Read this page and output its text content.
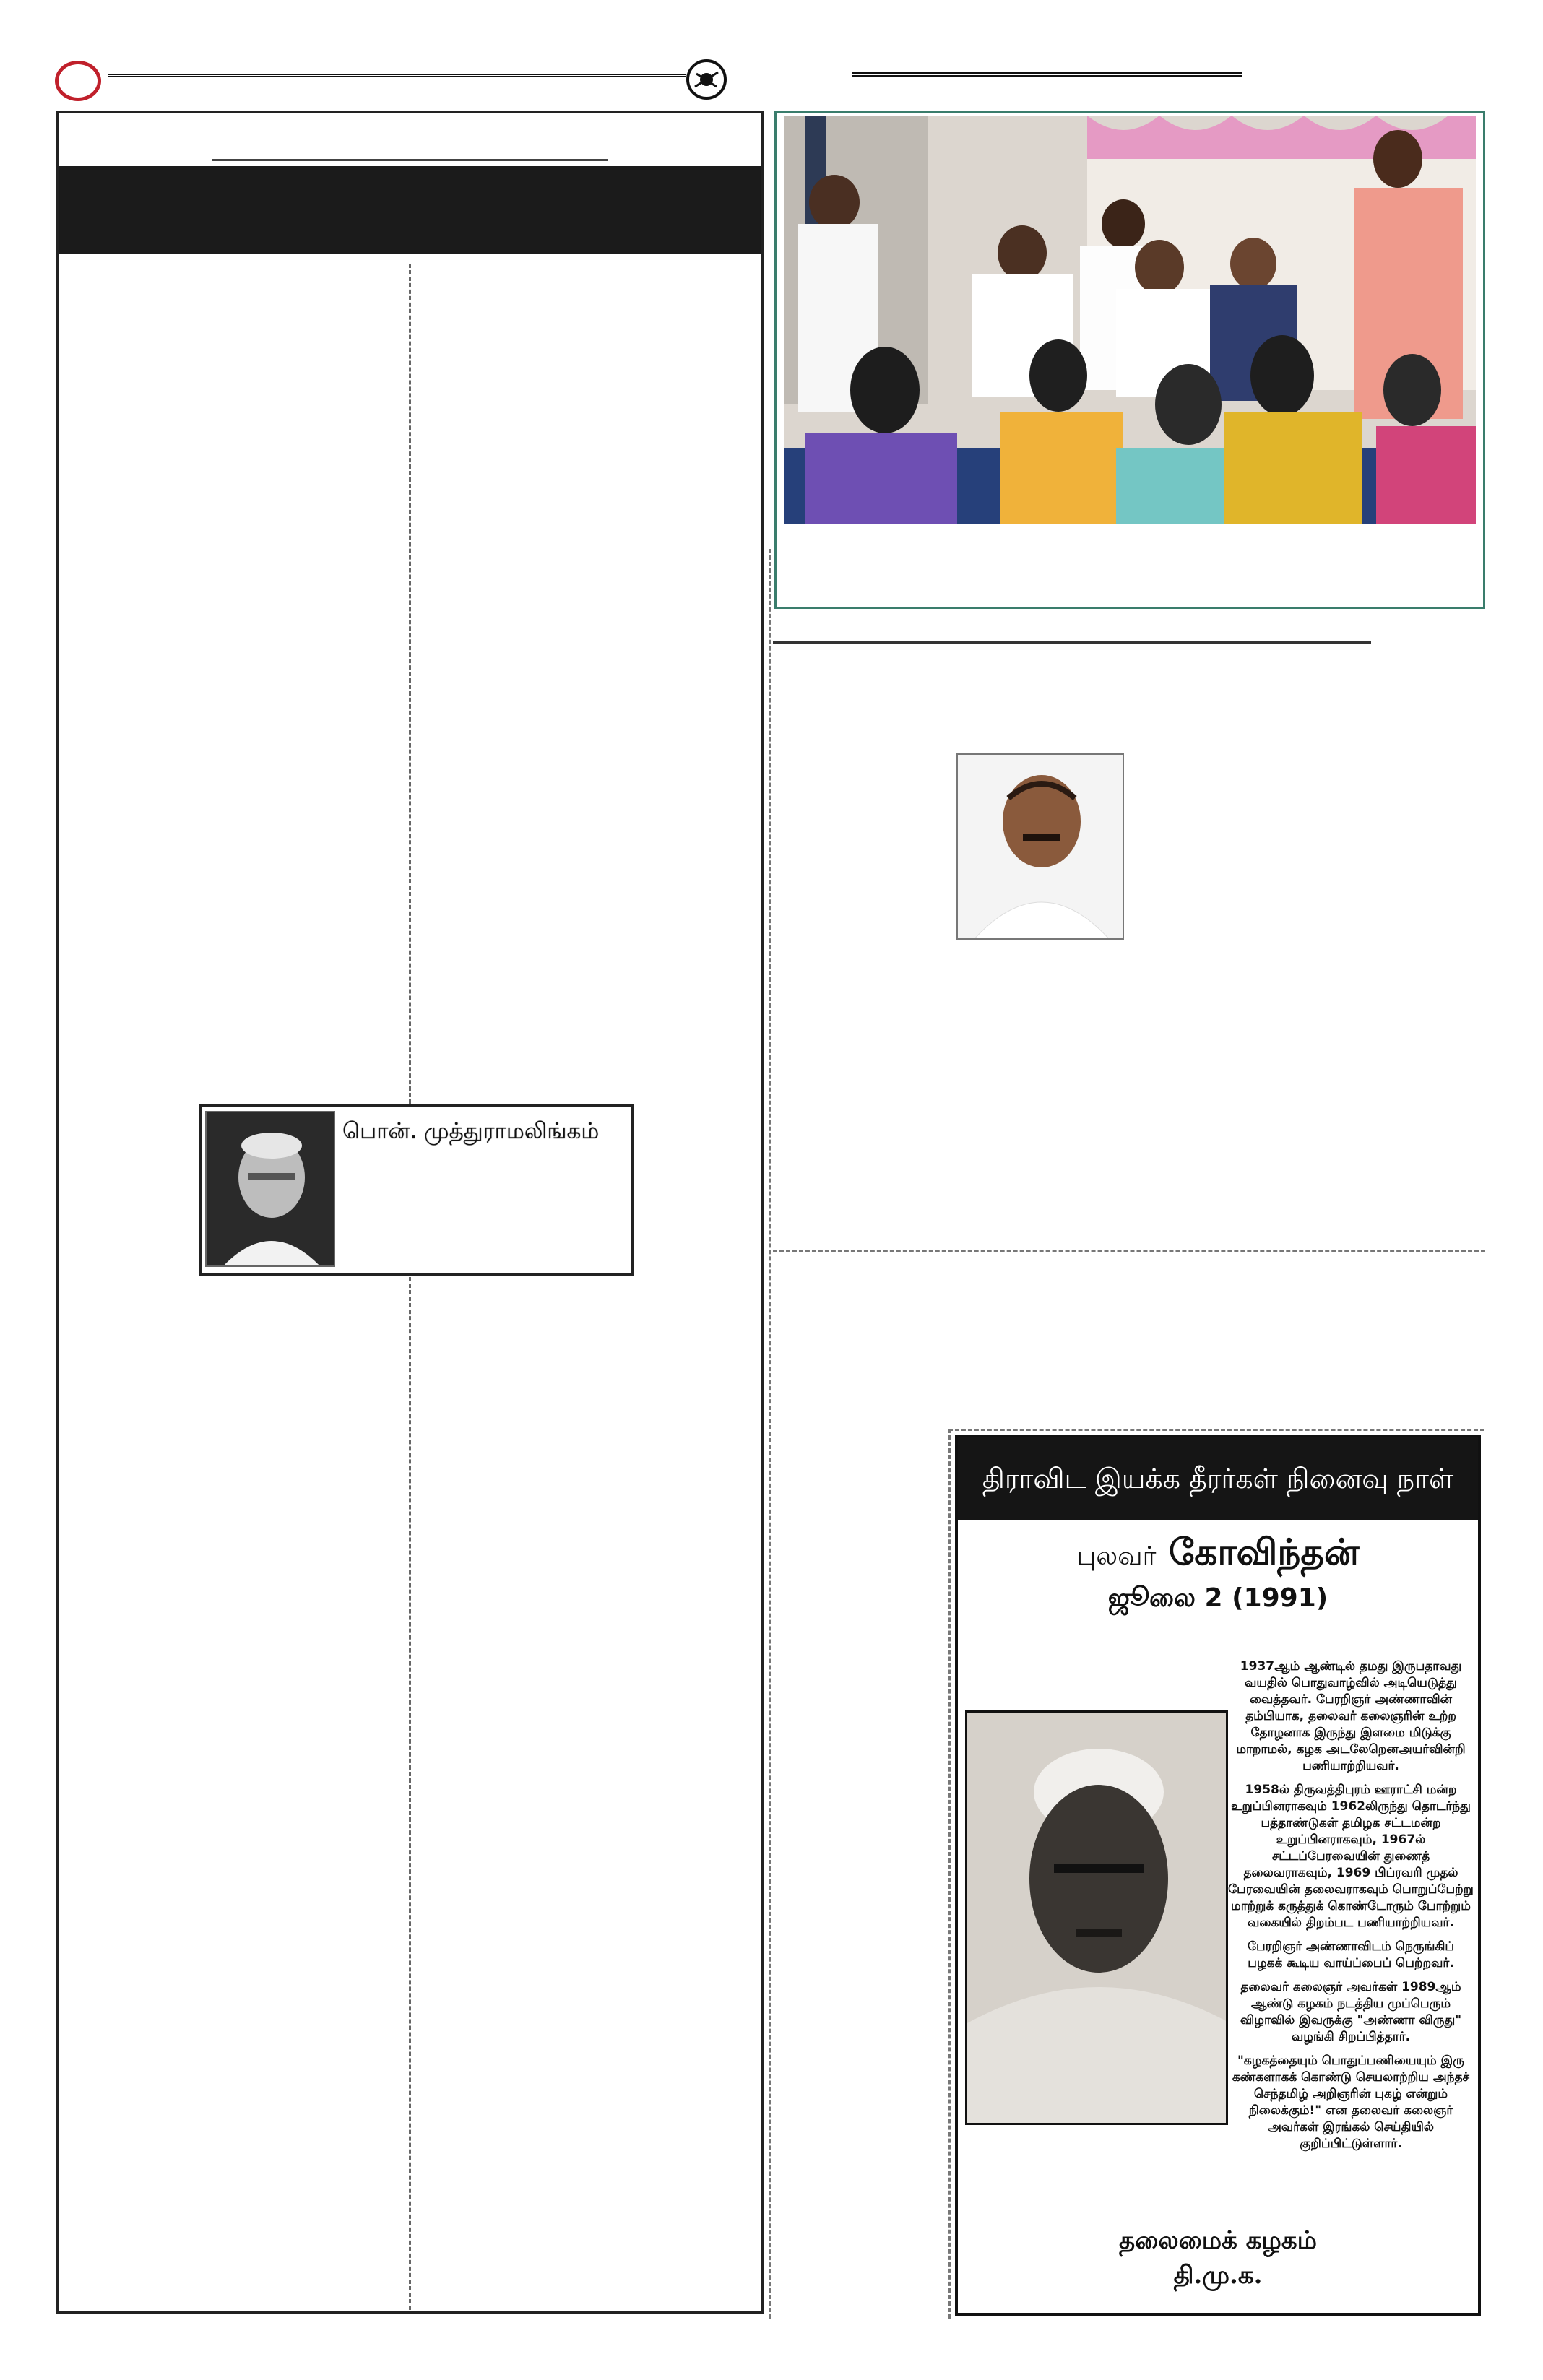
பொன். முத்துராமலிங்கம்
திராவிட இயக்க தீரர்கள் நினைவு நாள்
புலவர் கோவிந்தன்
ஜூலை 2 (1991)

1937ஆம் ஆண்டில் தமது இருபதாவது வயதில் பொதுவாழ்வில் அடியெடுத்து வைத்தவர். பேரறிஞர் அண்ணாவின் தம்பியாக, தலைவர் கலைஞரின் உற்ற தோழனாக இருந்து இளமை மிடுக்கு மாறாமல், கழக அடலேறெனஅயர்வின்றி பணியாற்றியவர்.

1958ல் திருவத்திபுரம் ஊராட்சி மன்ற உறுப்பினராகவும் 1962லிருந்து தொடர்ந்து பத்தாண்டுகள் தமிழக சட்டமன்ற உறுப்பினராகவும், 1967ல் சட்டப்பேரவையின் துணைத் தலைவராகவும், 1969 பிப்ரவரி முதல் பேரவையின் தலைவராகவும் பொறுப்பேற்று மாற்றுக் கருத்துக் கொண்டோரும் போற்றும் வகையில் திறம்பட பணியாற்றியவர்.

பேரறிஞர் அண்ணாவிடம் நெருங்கிப் பழகக் கூடிய வாய்ப்பைப் பெற்றவர்.

தலைவர் கலைஞர் அவர்கள் 1989ஆம் ஆண்டு கழகம் நடத்திய முப்பெரும் விழாவில் இவருக்கு "அண்ணா விருது" வழங்கி சிறப்பித்தார்.

"கழகத்தையும் பொதுப்பணியையும் இரு கண்களாகக் கொண்டு செயலாற்றிய அந்தச் செந்தமிழ் அறிஞரின் புகழ் என்றும் நிலைக்கும்!" என தலைவர் கலைஞர் அவர்கள் இரங்கல் செய்தியில் குறிப்பிட்டுள்ளார்.

தலைமைக் கழகம்
தி.மு.க.
